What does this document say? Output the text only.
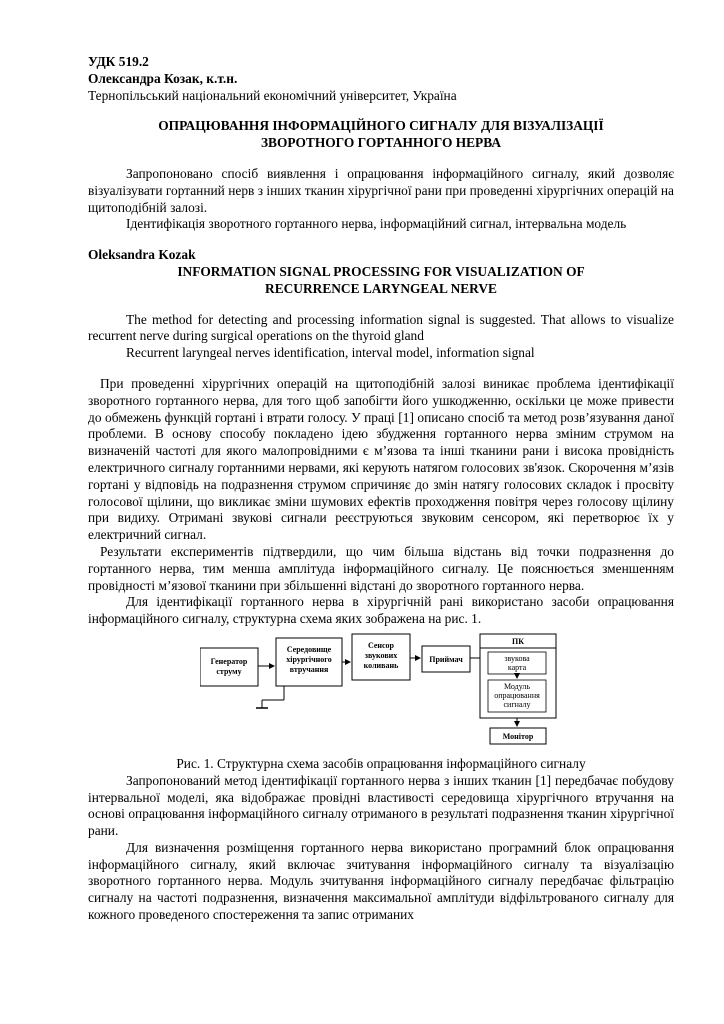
УДК 519.2

Олександра Козак, к.т.н.

Тернопільський національний економічний університет, Україна

ОПРАЦЮВАННЯ ІНФОРМАЦІЙНОГО СИГНАЛУ ДЛЯ ВІЗУАЛІЗАЦІЇ

ЗВОРОТНОГО ГОРТАННОГО НЕРВА

Запропоновано спосіб виявлення і опрацювання інформаційного сигналу, який дозволяє візуалізувати гортанний нерв з інших тканин хірургічної рани при проведенні хірургічних операцій на щитоподібній залозі.

Ідентифікація зворотного гортанного нерва, інформаційний сигнал, інтервальна модель

Oleksandra Kozak

INFORMATION SIGNAL PROCESSING FOR VISUALIZATION OF

RECURRENCE LARYNGEAL NERVE

The method for detecting and processing information signal is suggested. That allows to visualize recurrent nerve during surgical operations on the thyroid gland

Recurrent laryngeal nerves identification, interval model, information signal

При проведенні хірургічних операцій на щитоподібній залозі виникає проблема ідентифікації зворотного гортанного нерва, для того щоб запобігти його ушкодженню, оскільки це може привести до обмежень функцій гортані і втрати голосу. У праці [1] описано спосіб та метод розв’язування даної проблеми. В основу способу покладено ідею збудження гортанного нерва зміним струмом на визначеній частоті для якого малопровідними є м’язова та інші тканини рани і висока провідність електричного сигналу гортанними нервами, які керують натягом голосових зв'язок. Скорочення м’язів гортані у відповідь на подразнення струмом спричиняє до змін натягу голосових складок і просвіту голосової щілини, що викликає зміни шумових ефектів проходження повітря через голосову щілину при видиху. Отримані звукові сигнали реєструються звуковим сенсором, які перетворює їх у електричний сигнал.

Результати експериментів підтвердили, що чим більша відстань від точки подразнення до гортанного нерва, тим менша амплітуда інформаційного сигналу. Це пояснюється зменшенням провідності м’язової тканини при збільшенні відстані до зворотного гортанного нерва.

Для ідентифікації гортанного нерва в хірургічній рані використано засоби опрацювання інформаційного сигналу, структурна схема яких зображена на рис. 1.

Генератор
струму
Середовище
хірургічного
втручання
Сенсор
звукових
коливань
Приймач
ПК
звукова
карта
Модуль
опрацювання
сигналу
Монітор

Рис. 1. Структурна схема засобів опрацювання інформаційного сигналу

Запропонований метод ідентифікації гортанного нерва з інших тканин [1] передбачає побудову інтервальної моделі, яка відображає провідні властивості середовища хірургічного втручання на основі опрацювання інформаційного сигналу отриманого в результаті подразнення тканин хірургічної рани.

Для визначення розміщення гортанного нерва використано програмний блок опрацювання інформаційного сигналу, який включає зчитування інформаційного сигналу та візуалізацію зворотного гортанного нерва. Модуль зчитування інформаційного сигналу передбачає фільтрацію сигналу на частоті подразнення, визначення максимальної амплітуди відфільтрованого сигналу для кожного проведеного спостереження та запис отриманих
